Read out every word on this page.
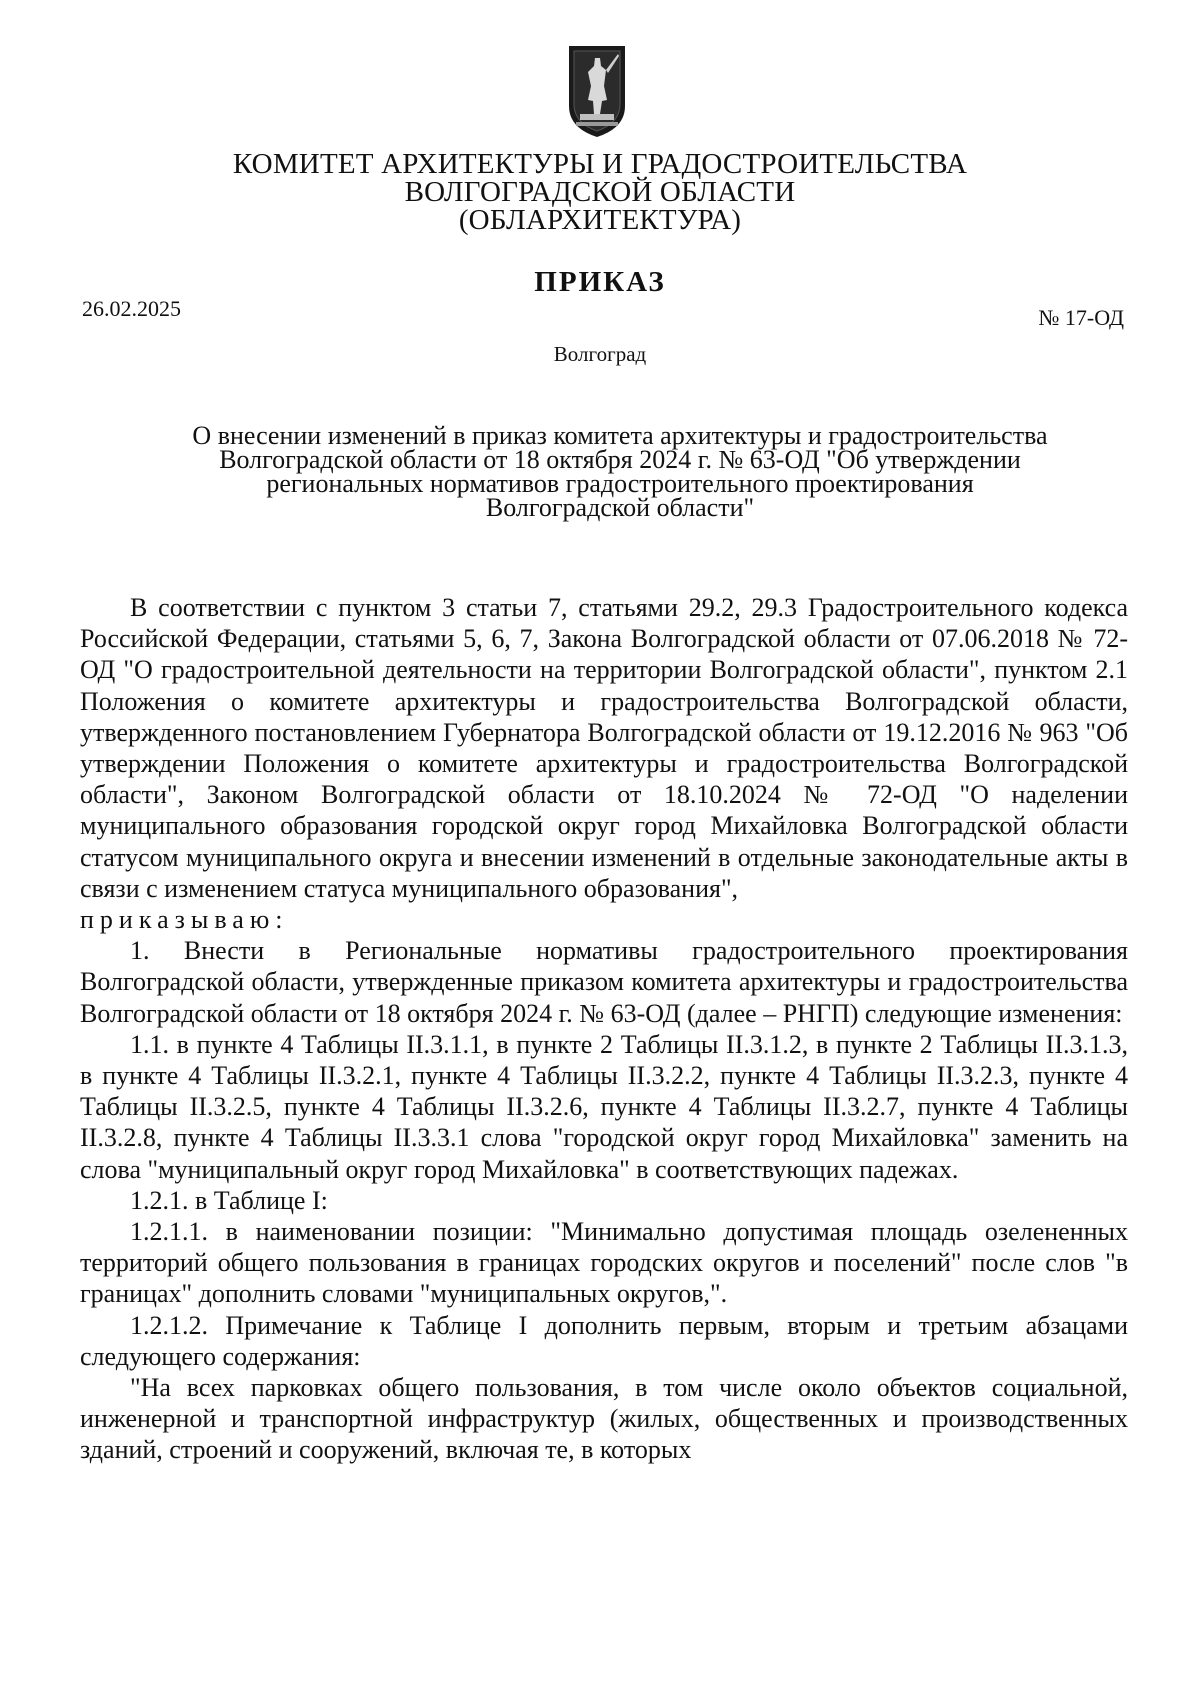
КОМИТЕТ АРХИТЕКТУРЫ И ГРАДОСТРОИТЕЛЬСТВА
ВОЛГОГРАДСКОЙ ОБЛАСТИ
(ОБЛАРХИТЕКТУРА)
ПРИКАЗ
26.02.2025	№ 17-ОД
Волгоград
О внесении изменений в приказ комитета архитектуры и градостроительства
Волгоградской области от 18 октября 2024 г. № 63-ОД "Об утверждении
региональных нормативов градостроительного проектирования
Волгоградской области"

В соответствии с пунктом 3 статьи 7, статьями 29.2, 29.3 Градостроительного кодекса Российской Федерации, статьями 5, 6, 7, Закона Волгоградской области от 07.06.2018 № 72-ОД "О градостроительной деятельности на территории Волгоградской области", пунктом 2.1 Положения о комитете архитектуры и градостроительства Волгоградской области, утвержденного постановлением Губернатора Волгоградской области от 19.12.2016 № 963 "Об утверждении Положения о комитете архитектуры и градостроительства Волгоградской области", Законом Волгоградской области от 18.10.2024 № 72-ОД "О наделении муниципального образования городской округ город Михайловка Волгоградской области статусом муниципального округа и внесении изменений в отдельные законодательные акты в связи с изменением статуса муниципального образования",

приказываю:

1. Внести в Региональные нормативы градостроительного проектирования Волгоградской области, утвержденные приказом комитета архитектуры и градостроительства Волгоградской области от 18 октября 2024 г. № 63-ОД (далее – РНГП) следующие изменения:

1.1. в пункте 4 Таблицы II.3.1.1, в пункте 2 Таблицы II.3.1.2, в пункте 2 Таблицы II.3.1.3, в пункте 4 Таблицы II.3.2.1, пункте 4 Таблицы II.3.2.2, пункте 4 Таблицы II.3.2.3, пункте 4 Таблицы II.3.2.5, пункте 4 Таблицы II.3.2.6, пункте 4 Таблицы II.3.2.7, пункте 4 Таблицы II.3.2.8, пункте 4 Таблицы II.3.3.1 слова "городской округ город Михайловка" заменить на слова "муниципальный округ город Михайловка" в соответствующих падежах.

1.2.1. в Таблице I:

1.2.1.1. в наименовании позиции: "Минимально допустимая площадь озелененных территорий общего пользования в границах городских округов и поселений" после слов "в границах" дополнить словами "муниципальных округов,".

1.2.1.2. Примечание к Таблице I дополнить первым, вторым и третьим абзацами следующего содержания:

"На всех парковках общего пользования, в том числе около объектов социальной, инженерной и транспортной инфраструктур (жилых, общественных и производственных зданий, строений и сооружений, включая те, в которых
